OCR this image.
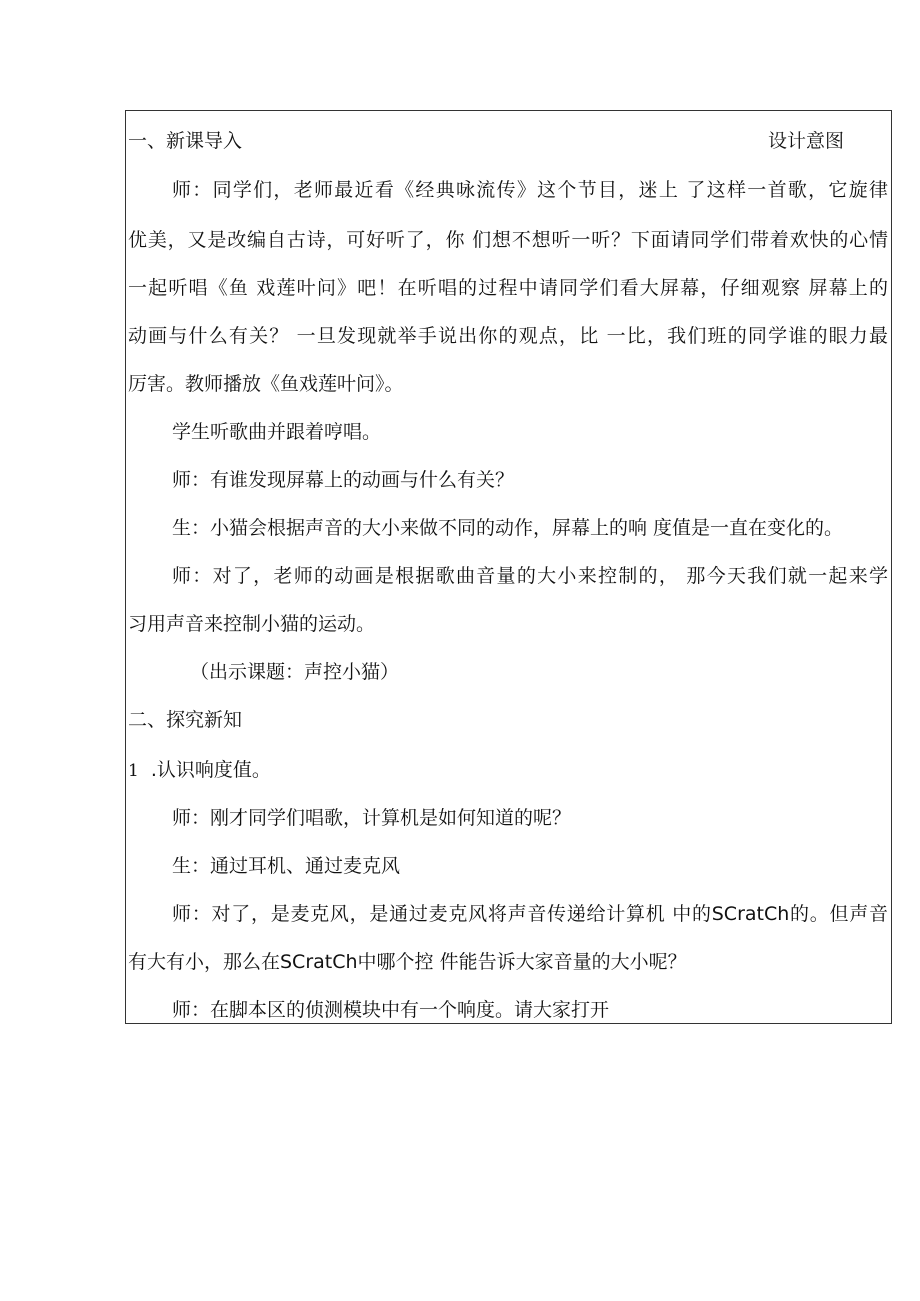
一、新课导入	设计意图
师：同学们，老师最近看《经典咏流传》这个节目，迷上 了这样一首歌，它旋律
优美，又是改编自古诗，可好听了，你 们想不想听一听？下面请同学们带着欢快的心情
一起听唱《鱼 戏莲叶问》吧！在听唱的过程中请同学们看大屏幕，仔细观察 屏幕上的
动画与什么有关？ 一旦发现就举手说出你的观点，比 一比，我们班的同学谁的眼力最
厉害。教师播放《鱼戏莲叶问》。
学生听歌曲并跟着哼唱。
师：有谁发现屏幕上的动画与什么有关？
生：小猫会根据声音的大小来做不同的动作，屏幕上的响 度值是一直在变化的。
师：对了，老师的动画是根据歌曲音量的大小来控制的， 那今天我们就一起来学
习用声音来控制小猫的运动。
（出示课题：声控小猫）
二、探究新知
1 .认识响度值。
师：刚才同学们唱歌，计算机是如何知道的呢？
生：通过耳机、通过麦克风
师：对了，是麦克风，是通过麦克风将声音传递给计算机 中的SCratCh的。但声音
有大有小，那么在SCratCh中哪个控 件能告诉大家音量的大小呢？
师：在脚本区的侦测模块中有一个响度。请大家打开
